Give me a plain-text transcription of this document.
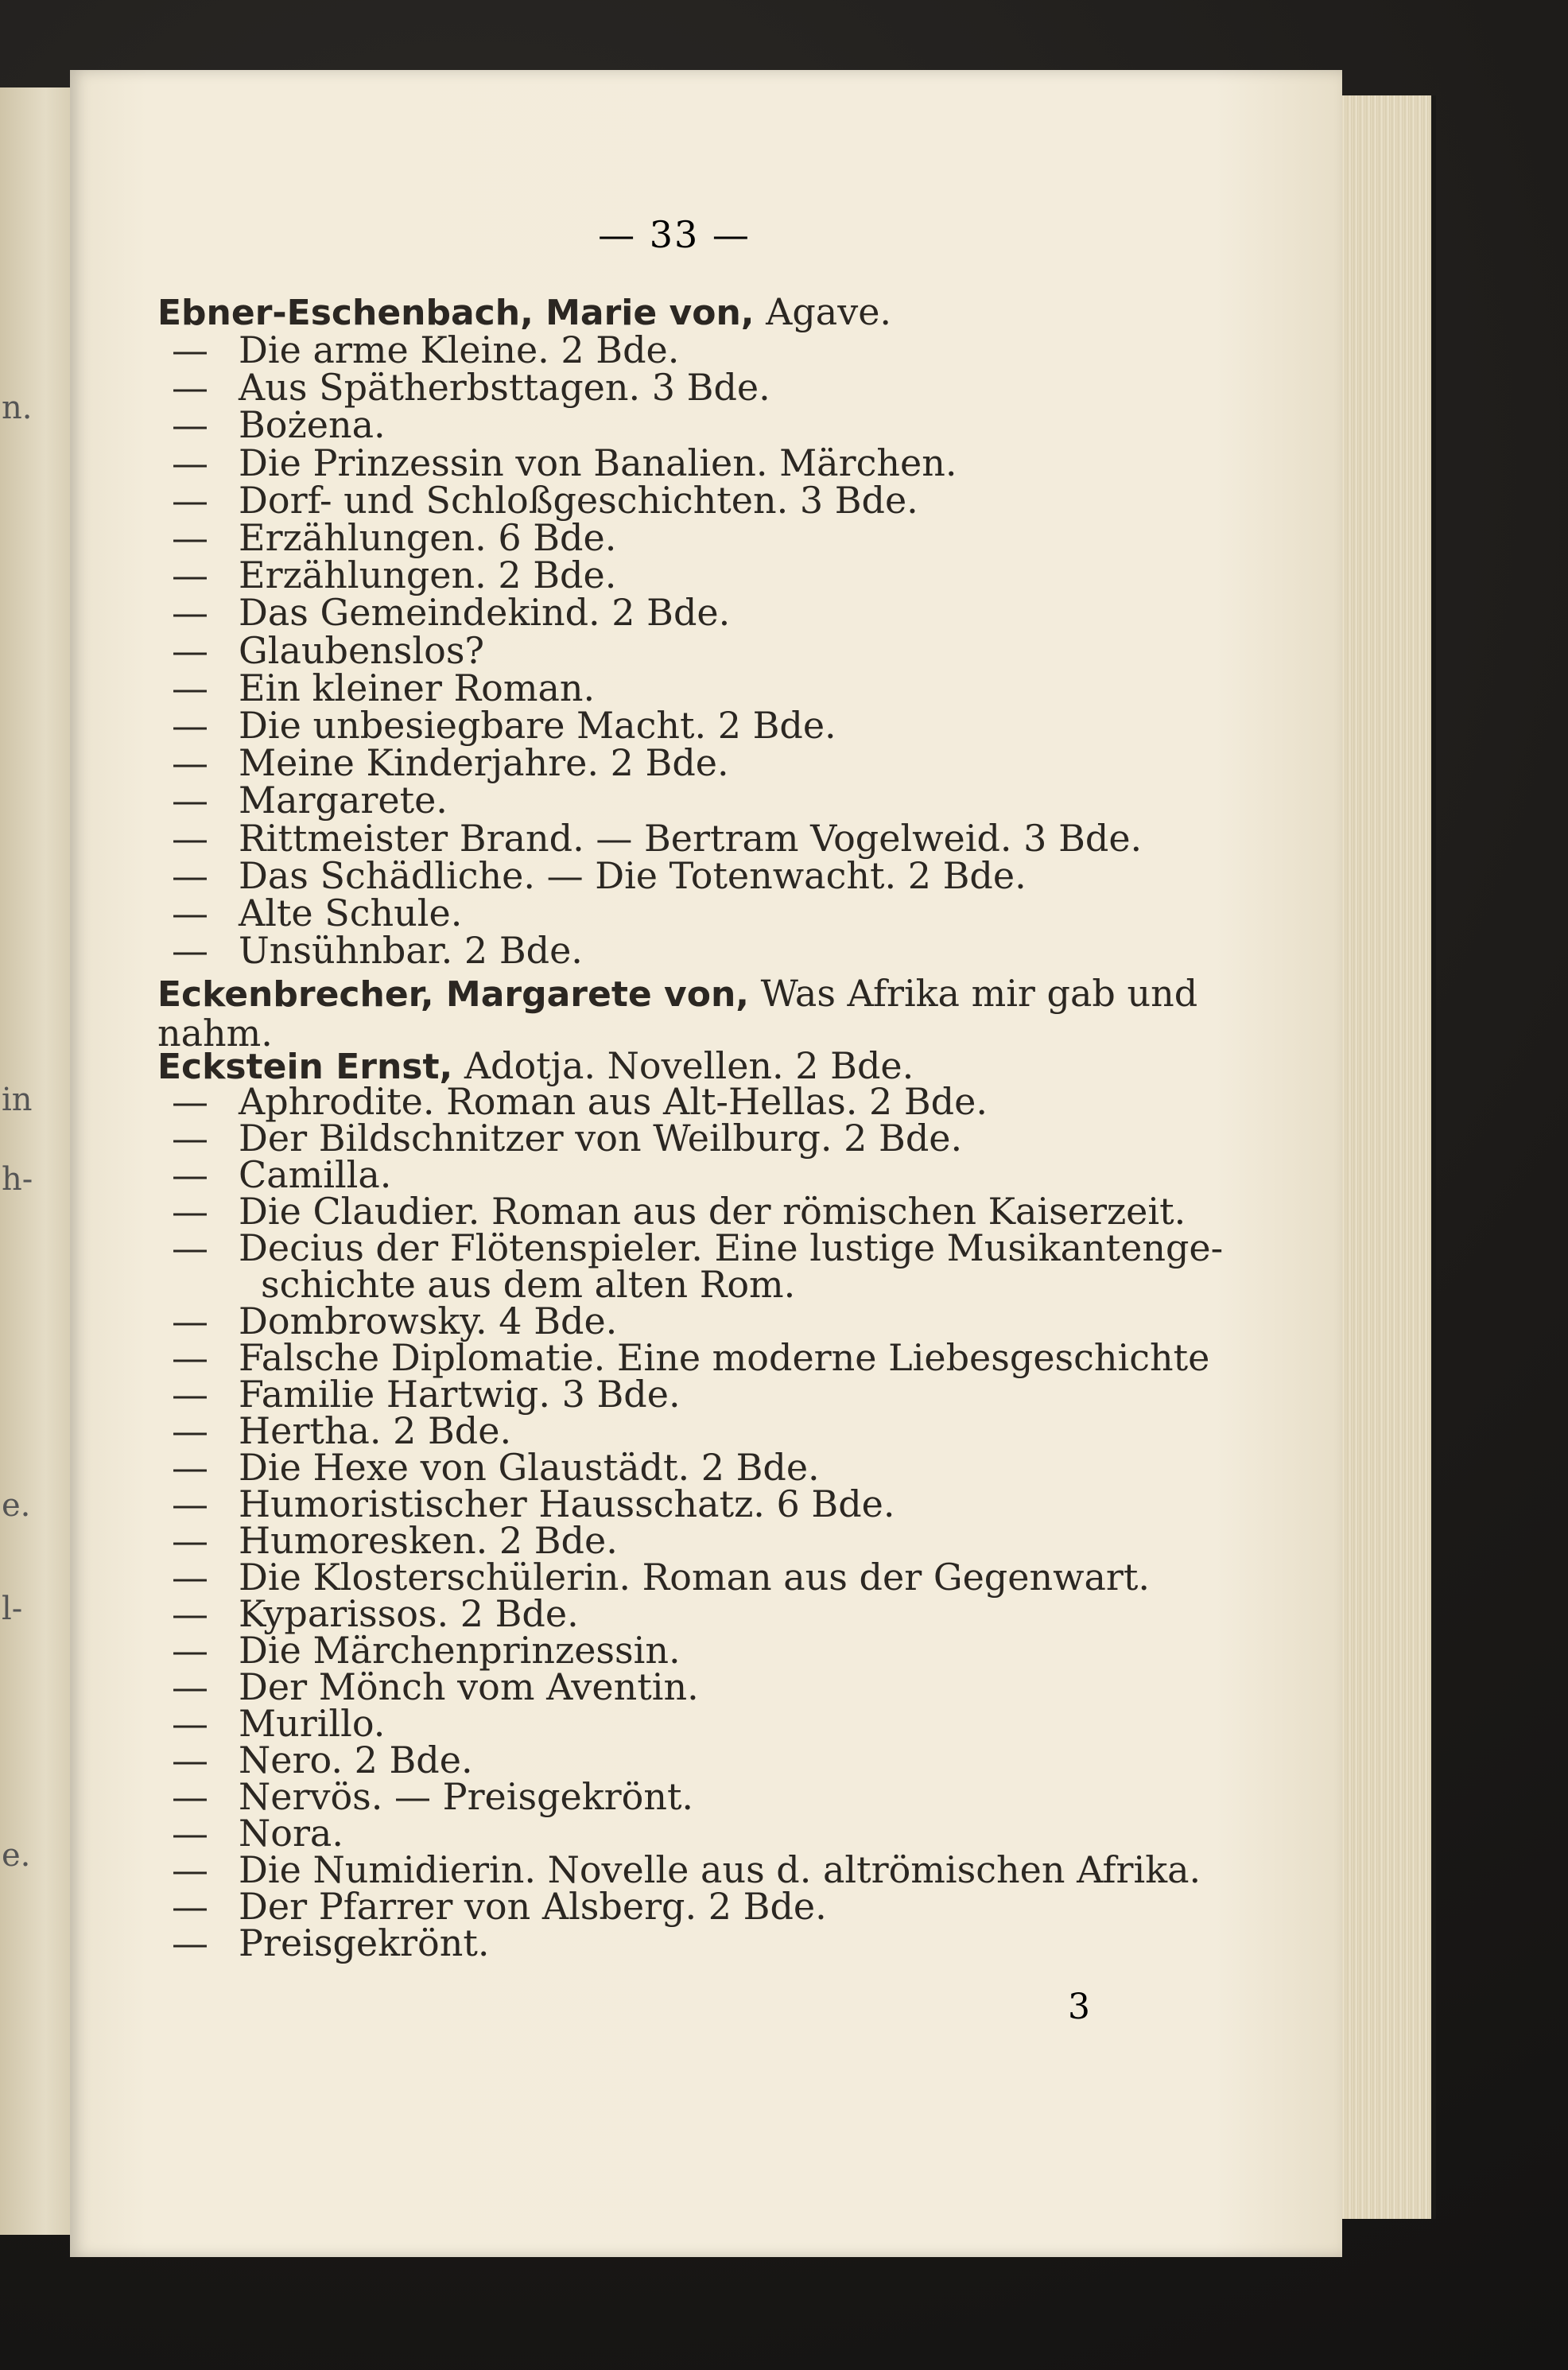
n.
in
h-
e.
l-
e.
— 33 —
Ebner-Eschenbach, Marie von, Agave.
— Die arme Kleine. 2 Bde.
— Aus Spätherbsttagen. 3 Bde.
— Bożena.
— Die Prinzessin von Banalien. Märchen.
— Dorf- und Schloßgeschichten. 3 Bde.
— Erzählungen. 6 Bde.
— Erzählungen. 2 Bde.
— Das Gemeindekind. 2 Bde.
— Glaubenslos?
— Ein kleiner Roman.
— Die unbesiegbare Macht. 2 Bde.
— Meine Kinderjahre. 2 Bde.
— Margarete.
— Rittmeister Brand. — Bertram Vogelweid. 3 Bde.
— Das Schädliche. — Die Totenwacht. 2 Bde.
— Alte Schule.
— Unsühnbar. 2 Bde.
Eckenbrecher, Margarete von, Was Afrika mir gab und nahm.
Eckstein Ernst, Adotja. Novellen. 2 Bde.
— Aphrodite. Roman aus Alt-Hellas. 2 Bde.
— Der Bildschnitzer von Weilburg. 2 Bde.
— Camilla.
— Die Claudier. Roman aus der römischen Kaiserzeit.
— Decius der Flötenspieler. Eine lustige Musikantenge-
schichte aus dem alten Rom.
— Dombrowsky. 4 Bde.
— Falsche Diplomatie. Eine moderne Liebesgeschichte
— Familie Hartwig. 3 Bde.
— Hertha. 2 Bde.
— Die Hexe von Glaustädt. 2 Bde.
— Humoristischer Hausschatz. 6 Bde.
— Humoresken. 2 Bde.
— Die Klosterschülerin. Roman aus der Gegenwart.
— Kyparissos. 2 Bde.
— Die Märchenprinzessin.
— Der Mönch vom Aventin.
— Murillo.
— Nero. 2 Bde.
— Nervös. — Preisgekrönt.
— Nora.
— Die Numidierin. Novelle aus d. altrömischen Afrika.
— Der Pfarrer von Alsberg. 2 Bde.
— Preisgekrönt.
3
